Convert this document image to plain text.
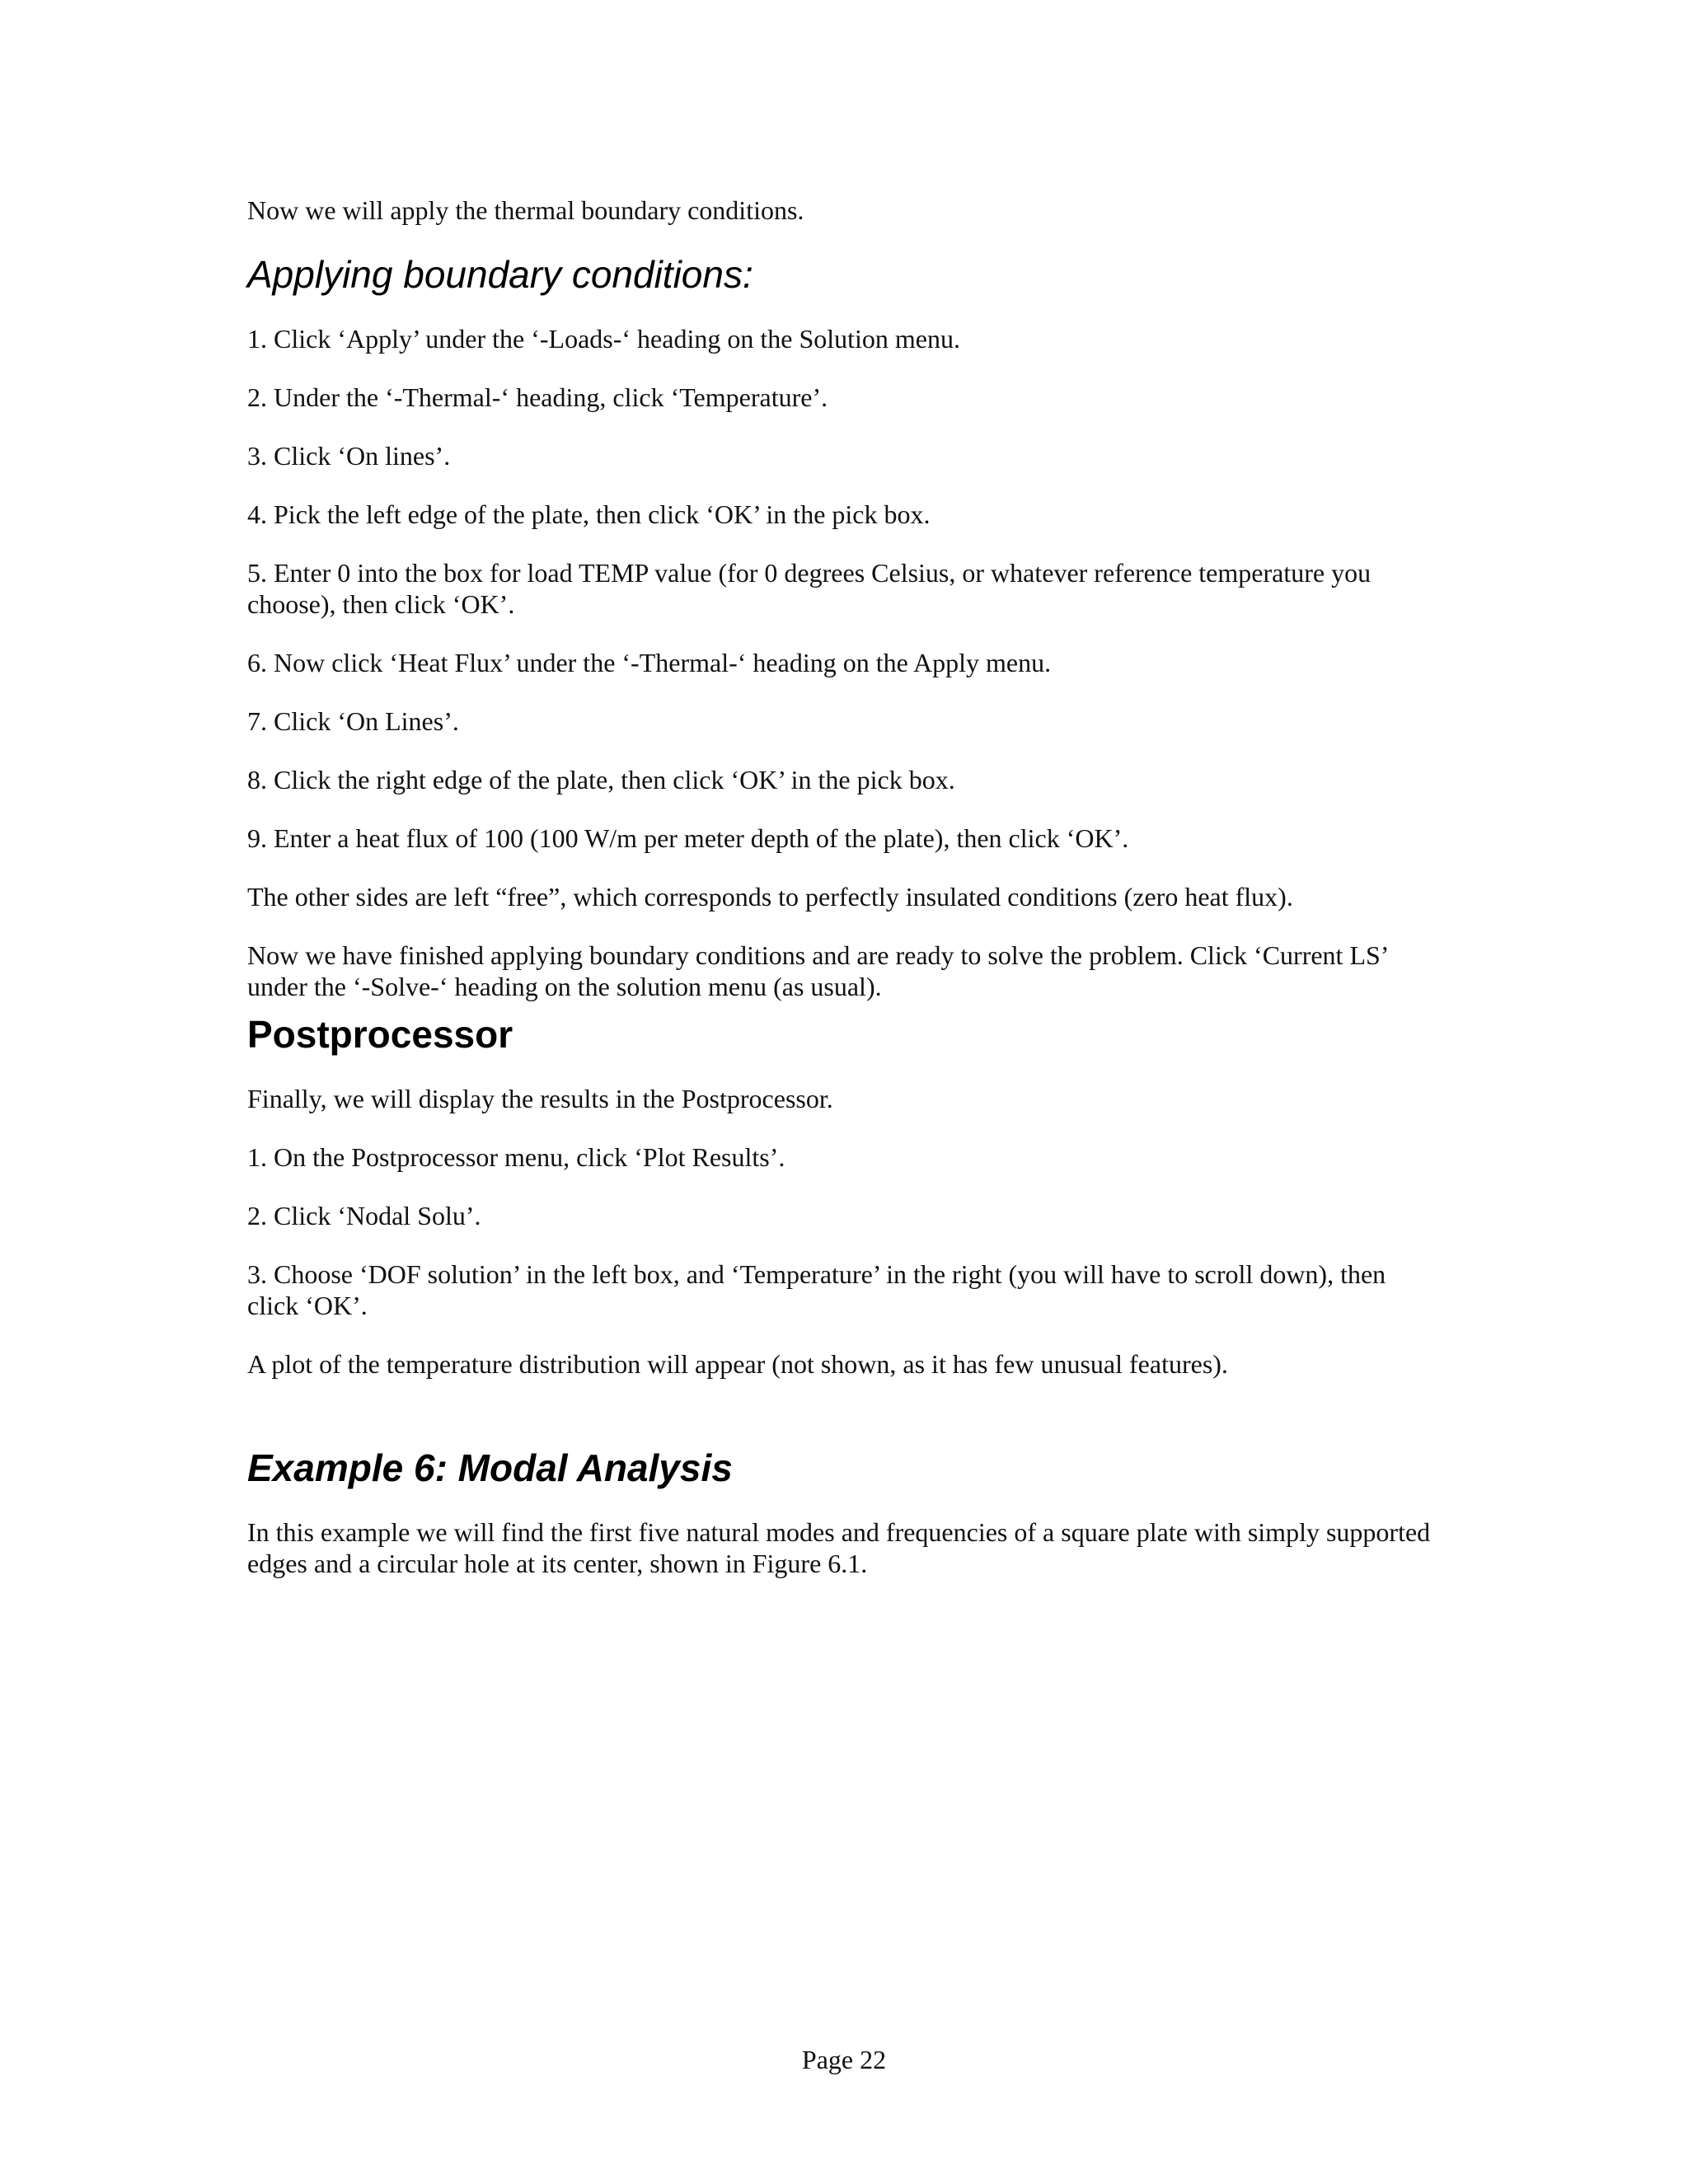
Now we will apply the thermal boundary conditions.

Applying boundary conditions:

1. Click ‘Apply’ under the ‘-Loads-‘ heading on the Solution menu.

2. Under the ‘-Thermal-‘ heading, click ‘Temperature’.

3. Click ‘On lines’.

4. Pick the left edge of the plate, then click ‘OK’ in the pick box.

5. Enter 0 into the box for load TEMP value (for 0 degrees Celsius, or whatever reference temperature you choose), then click ‘OK’.

6. Now click ‘Heat Flux’ under the ‘-Thermal-‘ heading on the Apply menu.

7. Click ‘On Lines’.

8. Click the right edge of the plate, then click ‘OK’ in the pick box.

9. Enter a heat flux of 100 (100 W/m per meter depth of the plate), then click ‘OK’.

The other sides are left “free”, which corresponds to perfectly insulated conditions (zero heat flux).

Now we have finished applying boundary conditions and are ready to solve the problem. Click ‘Current LS’ under the ‘-Solve-‘ heading on the solution menu (as usual).

Postprocessor

Finally, we will display the results in the Postprocessor.

1. On the Postprocessor menu, click ‘Plot Results’.

2. Click ‘Nodal Solu’.

3. Choose ‘DOF solution’ in the left box, and ‘Temperature’ in the right (you will have to scroll down), then click ‘OK’.

A plot of the temperature distribution will appear (not shown, as it has few unusual features).

Example 6: Modal Analysis

In this example we will find the first five natural modes and frequencies of a square plate with simply supported edges and a circular hole at its center, shown in Figure 6.1.

Page 22
